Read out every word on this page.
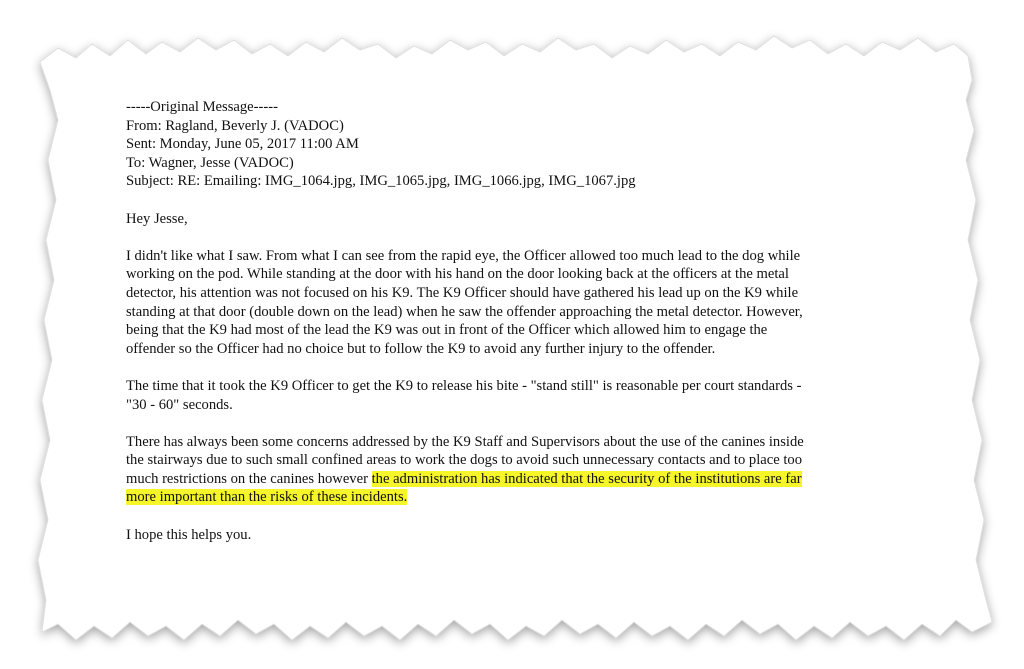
-----Original Message-----
From: Ragland, Beverly J. (VADOC)
Sent: Monday, June 05, 2017 11:00 AM
To: Wagner, Jesse (VADOC)
Subject: RE: Emailing: IMG_1064.jpg, IMG_1065.jpg, IMG_1066.jpg, IMG_1067.jpg

Hey Jesse,

I didn't like what I saw. From what I can see from the rapid eye, the Officer allowed too much lead to the dog while
working on the pod. While standing at the door with his hand on the door looking back at the officers at the metal
detector, his attention was not focused on his K9. The K9 Officer should have gathered his lead up on the K9 while
standing at that door (double down on the lead) when he saw the offender approaching the metal detector. However,
being that the K9 had most of the lead the K9 was out in front of the Officer which allowed him to engage the
offender so the Officer had no choice but to follow the K9 to avoid any further injury to the offender.
The time that it took the K9 Officer to get the K9 to release his bite - "stand still" is reasonable per court standards -
"30 - 60" seconds.
There has always been some concerns addressed by the K9 Staff and Supervisors about the use of the canines inside
the stairways due to such small confined areas to work the dogs to avoid such unnecessary contacts and to place too
much restrictions on the canines however the administration has indicated that the security of the institutions are far
more important than the risks of these incidents.

I hope this helps you.
